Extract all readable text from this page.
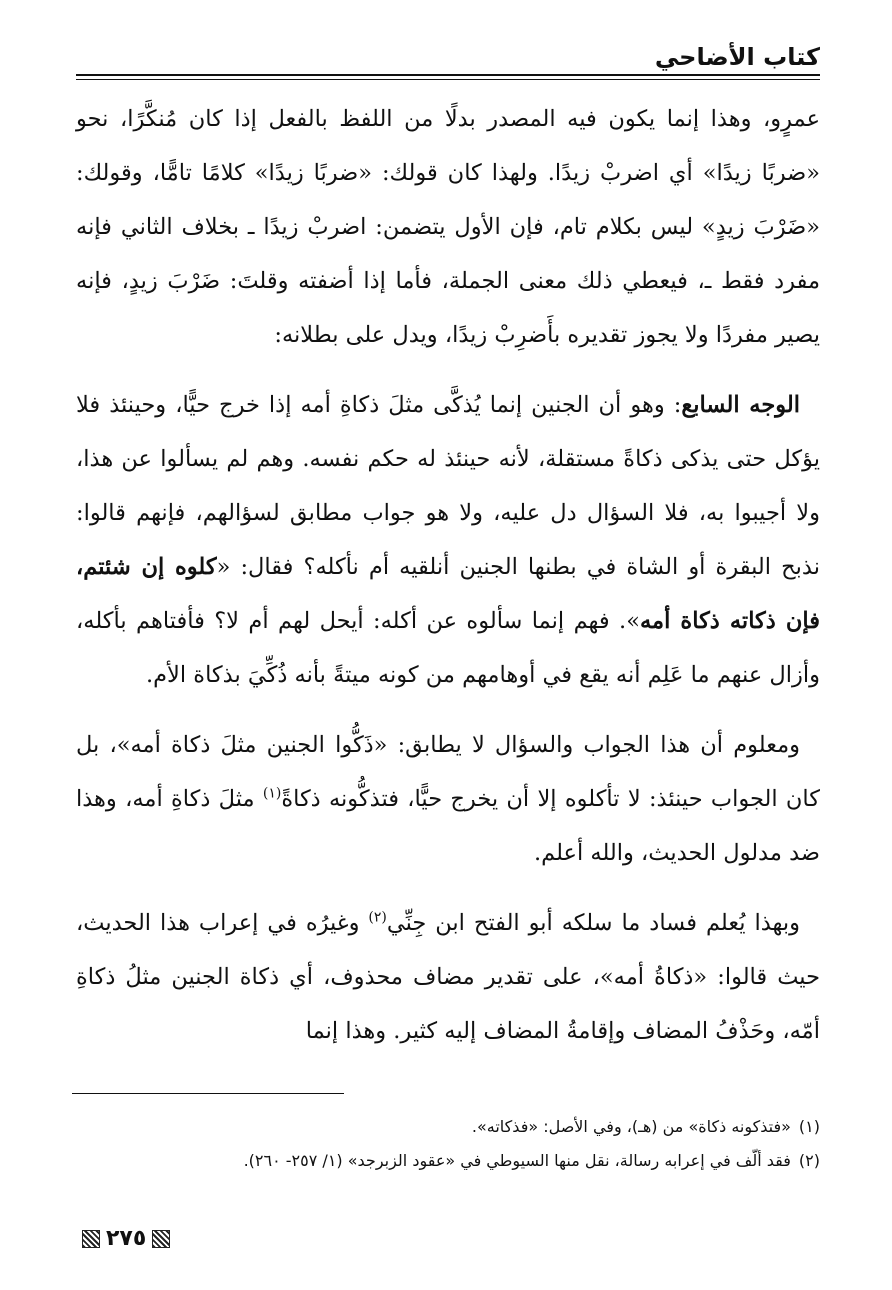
كتاب الأضاحي

عمرٍو، وهذا إنما يكون فيه المصدر بدلًا من اللفظ بالفعل إذا كان مُنكَّرًا، نحو «ضربًا زيدًا» أي اضربْ زيدًا. ولهذا كان قولك: «ضربًا زيدًا» كلامًا تامًّا، وقولك: «ضَرْبَ زيدٍ» ليس بكلام تام، فإن الأول يتضمن: اضربْ زيدًا ـ بخلاف الثاني فإنه مفرد فقط ـ، فيعطي ذلك معنى الجملة، فأما إذا أضفته وقلتَ: ضَرْبَ زيدٍ، فإنه يصير مفردًا ولا يجوز تقديره بأَضرِبْ زيدًا، ويدل على بطلانه:

الوجه السابع: وهو أن الجنين إنما يُذكَّى مثلَ ذكاةِ أمه إذا خرج حيًّا، وحينئذ فلا يؤكل حتى يذكى ذكاةً مستقلة، لأنه حينئذ له حكم نفسه. وهم لم يسألوا عن هذا، ولا أجيبوا به، فلا السؤال دل عليه، ولا هو جواب مطابق لسؤالهم، فإنهم قالوا: نذبح البقرة أو الشاة في بطنها الجنين أنلقيه أم نأكله؟ فقال: «كلوه إن شئتم، فإن ذكاته ذكاة أمه». فهم إنما سألوه عن أكله: أيحل لهم أم لا؟ فأفتاهم بأكله، وأزال عنهم ما عَلِم أنه يقع في أوهامهم من كونه ميتةً بأنه ذُكِّيَ بذكاة الأم.

ومعلوم أن هذا الجواب والسؤال لا يطابق: «ذَكُّوا الجنين مثلَ ذكاة أمه»، بل كان الجواب حينئذ: لا تأكلوه إلا أن يخرج حيًّا، فتذكُّونه ذكاةً$^{(١)}$ مثلَ ذكاةِ أمه، وهذا ضد مدلول الحديث، والله أعلم.

وبهذا يُعلم فساد ما سلكه أبو الفتح ابن جِنِّي$^{(٢)}$ وغيرُه في إعراب هذا الحديث، حيث قالوا: «ذكاةُ أمه»، على تقدير مضاف محذوف، أي ذكاة الجنين مثلُ ذكاةِ أمّه، وحَذْفُ المضاف وإقامةُ المضاف إليه كثير. وهذا إنما

(١)«فتذكونه ذكاة» من (هـ)، وفي الأصل: «فذكاته».
(٢)فقد ألّف في إعرابه رسالة، نقل منها السيوطي في «عقود الزبرجد» (١/ ٢٥٧- ٢٦٠).
٢٧٥
